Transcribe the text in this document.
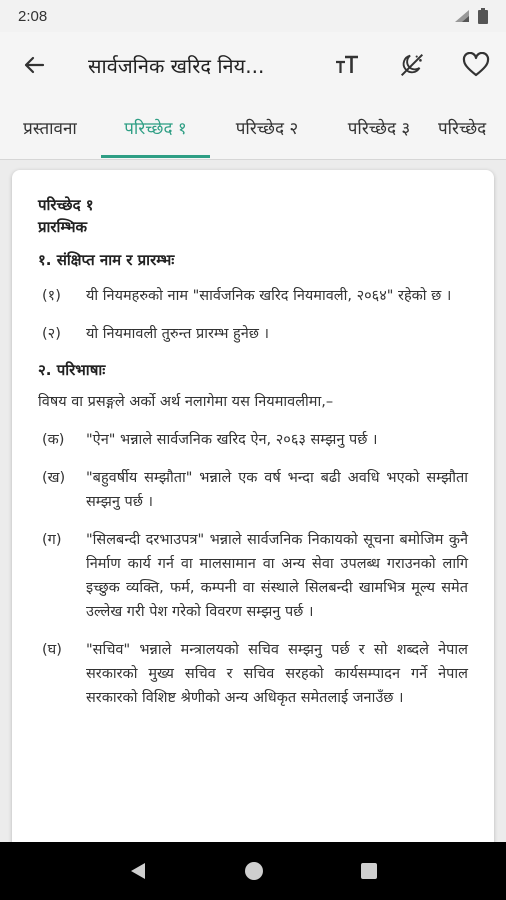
2:08
सार्वजनिक खरिद निय...
प्रस्तावना	परिच्छेद १	परिच्छेद २	परिच्छेद ३	परिच्छेद
परिच्छेद १
प्रारम्भिक
१. संक्षिप्त नाम र प्रारम्भः
(१)	यी नियमहरुको नाम "सार्वजनिक खरिद नियमावली, २०६४" रहेको छ ।
(२)	यो नियमावली तुरुन्त प्रारम्भ हुनेछ ।
२. परिभाषाः
विषय वा प्रसङ्गले अर्को अर्थ नलागेमा यस नियमावलीमा,–
(क)	"ऐन" भन्नाले सार्वजनिक खरिद ऐन, २०६३ सम्झनु पर्छ ।
(ख)	"बहुवर्षीय सम्झौता" भन्नाले एक वर्ष भन्दा बढी अवधि भएको सम्झौता सम्झनु पर्छ ।
(ग)	"सिलबन्दी दरभाउपत्र" भन्नाले सार्वजनिक निकायको सूचना बमोजिम कुनै निर्माण कार्य गर्न वा मालसामान वा अन्य सेवा उपलब्ध गराउनको लागि इच्छुक व्यक्ति, फर्म, कम्पनी वा संस्थाले सिलबन्दी खामभित्र मूल्य समेत उल्लेख गरी पेश गरेको विवरण सम्झनु पर्छ ।
(घ)	"सचिव" भन्नाले मन्त्रालयको सचिव सम्झनु पर्छ र सो शब्दले नेपाल सरकारको मुख्य सचिव र सचिव सरहको कार्यसम्पादन गर्ने नेपाल सरकारको विशिष्ट श्रेणीको अन्य अधिकृत समेतलाई जनाउँछ ।
